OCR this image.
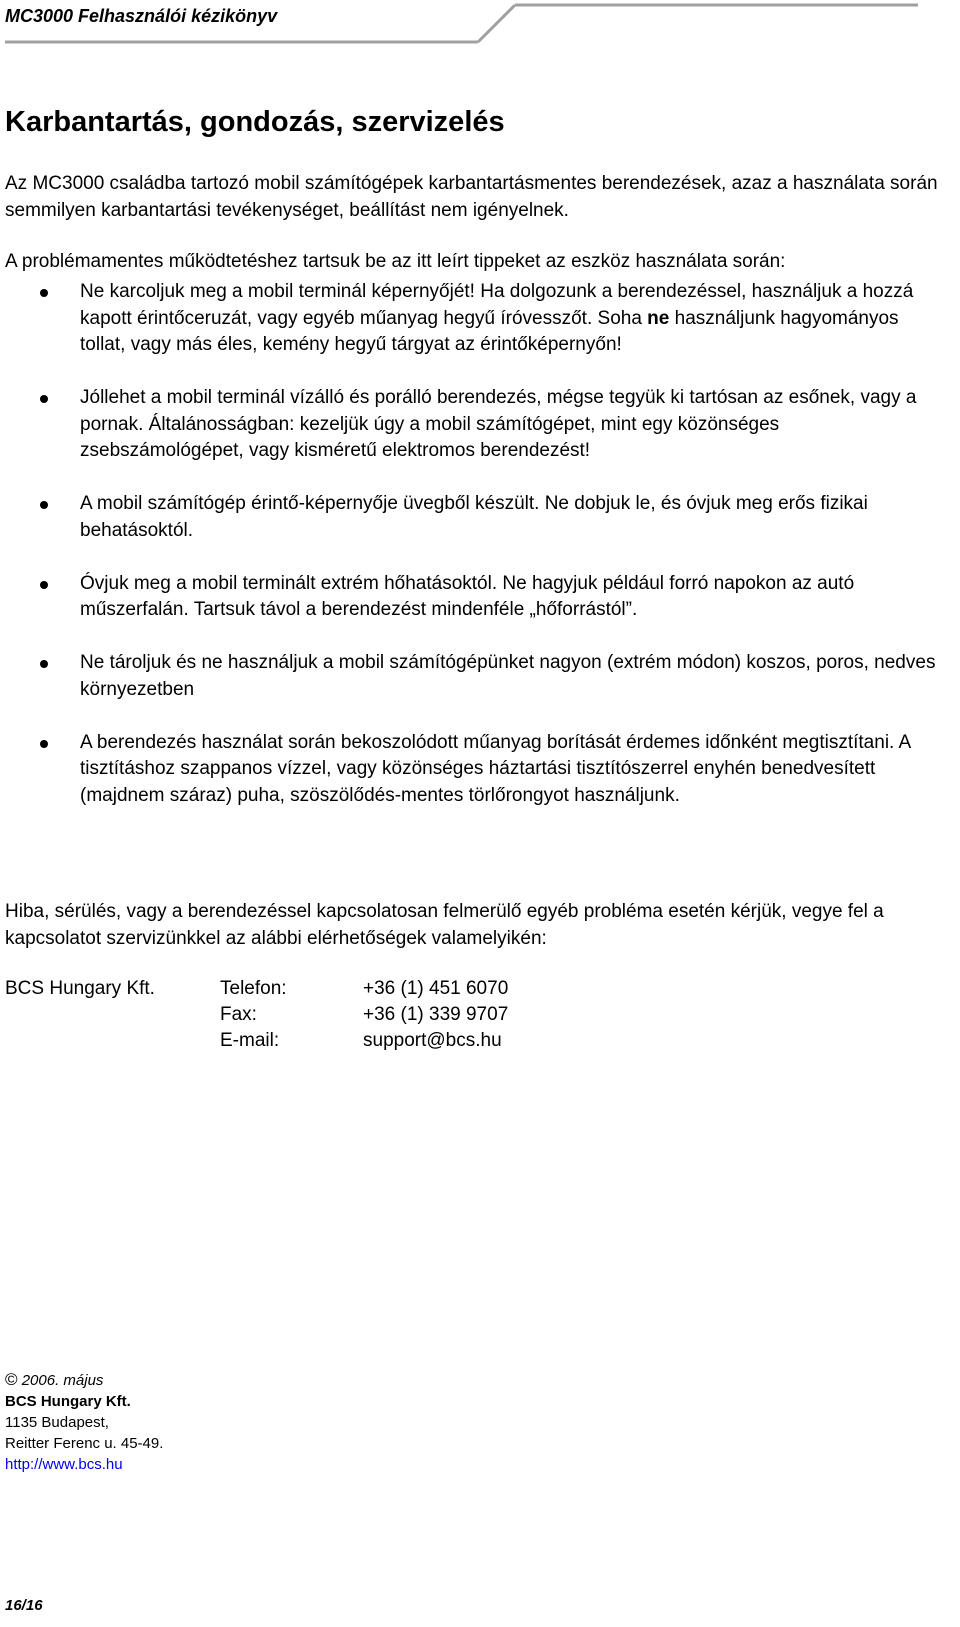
MC3000 Felhasználói kézikönyv
Karbantartás, gondozás, szervizelés

Az MC3000 családba tartozó mobil számítógépek karbantartásmentes berendezések, azaz a használata során semmilyen karbantartási tevékenységet, beállítást nem igényelnek.

A problémamentes működtetéshez tartsuk be az itt leírt tippeket az eszköz használata során:

Ne karcoljuk meg a mobil terminál képernyőjét! Ha dolgozunk a berendezéssel, használjuk a hozzá kapott érintőceruzát, vagy egyéb műanyag hegyű íróvesszőt. Soha ne használjunk hagyományos tollat, vagy más éles, kemény hegyű tárgyat az érintőképernyőn!
Jóllehet a mobil terminál vízálló és porálló berendezés, mégse tegyük ki tartósan az esőnek, vagy a pornak. Általánosságban: kezeljük úgy a mobil számítógépet, mint egy közönséges zsebszámológépet, vagy kisméretű elektromos berendezést!
A mobil számítógép érintő-képernyője üvegből készült. Ne dobjuk le, és óvjuk meg erős fizikai behatásoktól.
Óvjuk meg a mobil terminált extrém hőhatásoktól. Ne hagyjuk például forró napokon az autó műszerfalán. Tartsuk távol a berendezést mindenféle „hőforrástól”.
Ne tároljuk és ne használjuk a mobil számítógépünket nagyon (extrém módon) koszos, poros, nedves környezetben
A berendezés használat során bekoszolódott műanyag borítását érdemes időnként megtisztítani. A tisztításhoz szappanos vízzel, vagy közönséges háztartási tisztítószerrel enyhén benedvesített (majdnem száraz) puha, szöszölődés-mentes törlőrongyot használjunk.

Hiba, sérülés, vagy a berendezéssel kapcsolatosan felmerülő egyéb probléma esetén kérjük, vegye fel a kapcsolatot szervizünkkel az alábbi elérhetőségek valamelyikén:

BCS Hungary Kft.	Telefon:	+36 (1) 451 6070
Fax:	+36 (1) 339 9707
E-mail:	support@bcs.hu
© 2006. május
BCS Hungary Kft.
1135 Budapest,
Reitter Ferenc u. 45-49.
http://www.bcs.hu
16/16
